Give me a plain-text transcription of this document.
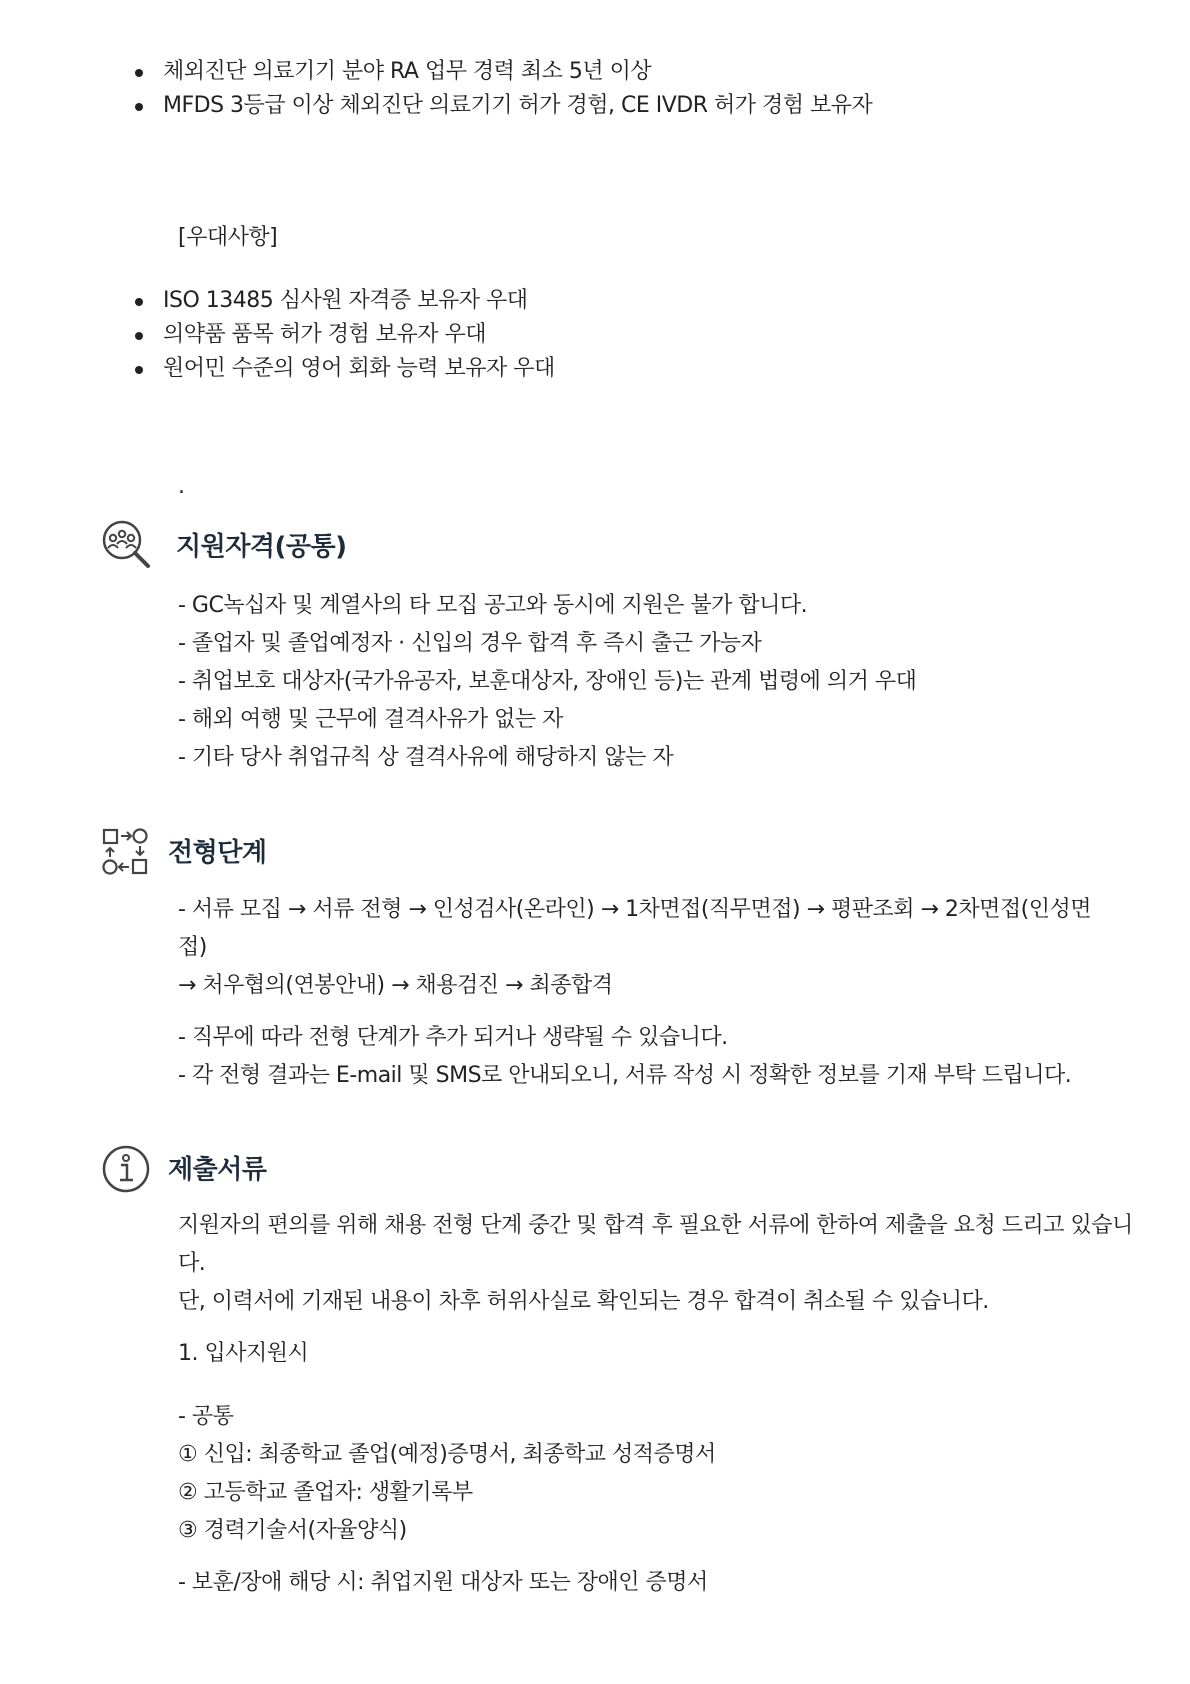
체외진단 의료기기 분야 RA 업무 경력 최소 5년 이상
MFDS 3등급 이상 체외진단 의료기기 허가 경험, CE IVDR 허가 경험 보유자

[우대사항]

ISO 13485 심사원 자격증 보유자 우대
의약품 품목 허가 경험 보유자 우대
원어민 수준의 영어 회화 능력 보유자 우대

.

지원자격(공통)
- GC녹십자 및 계열사의 타 모집 공고와 동시에 지원은 불가 합니다.
- 졸업자 및 졸업예정자 · 신입의 경우 합격 후 즉시 출근 가능자
- 취업보호 대상자(국가유공자, 보훈대상자, 장애인 등)는 관계 법령에 의거 우대
- 해외 여행 및 근무에 결격사유가 없는 자
- 기타 당사 취업규칙 상 결격사유에 해당하지 않는 자
전형단계
- 서류 모집 → 서류 전형 → 인성검사(온라인) → 1차면접(직무면접) → 평판조회 → 2차면접(인성면
접)
→ 처우협의(연봉안내) → 채용검진 → 최종합격
- 직무에 따라 전형 단계가 추가 되거나 생략될 수 있습니다.
- 각 전형 결과는 E-mail 및 SMS로 안내되오니, 서류 작성 시 정확한 정보를 기재 부탁 드립니다.
제출서류
지원자의 편의를 위해 채용 전형 단계 중간 및 합격 후 필요한 서류에 한하여 제출을 요청 드리고 있습니
다.
단, 이력서에 기재된 내용이 차후 허위사실로 확인되는 경우 합격이 취소될 수 있습니다.
1. 입사지원시
- 공통
① 신입: 최종학교 졸업(예정)증명서, 최종학교 성적증명서
② 고등학교 졸업자: 생활기록부
③ 경력기술서(자율양식)
- 보훈/장애 해당 시: 취업지원 대상자 또는 장애인 증명서
